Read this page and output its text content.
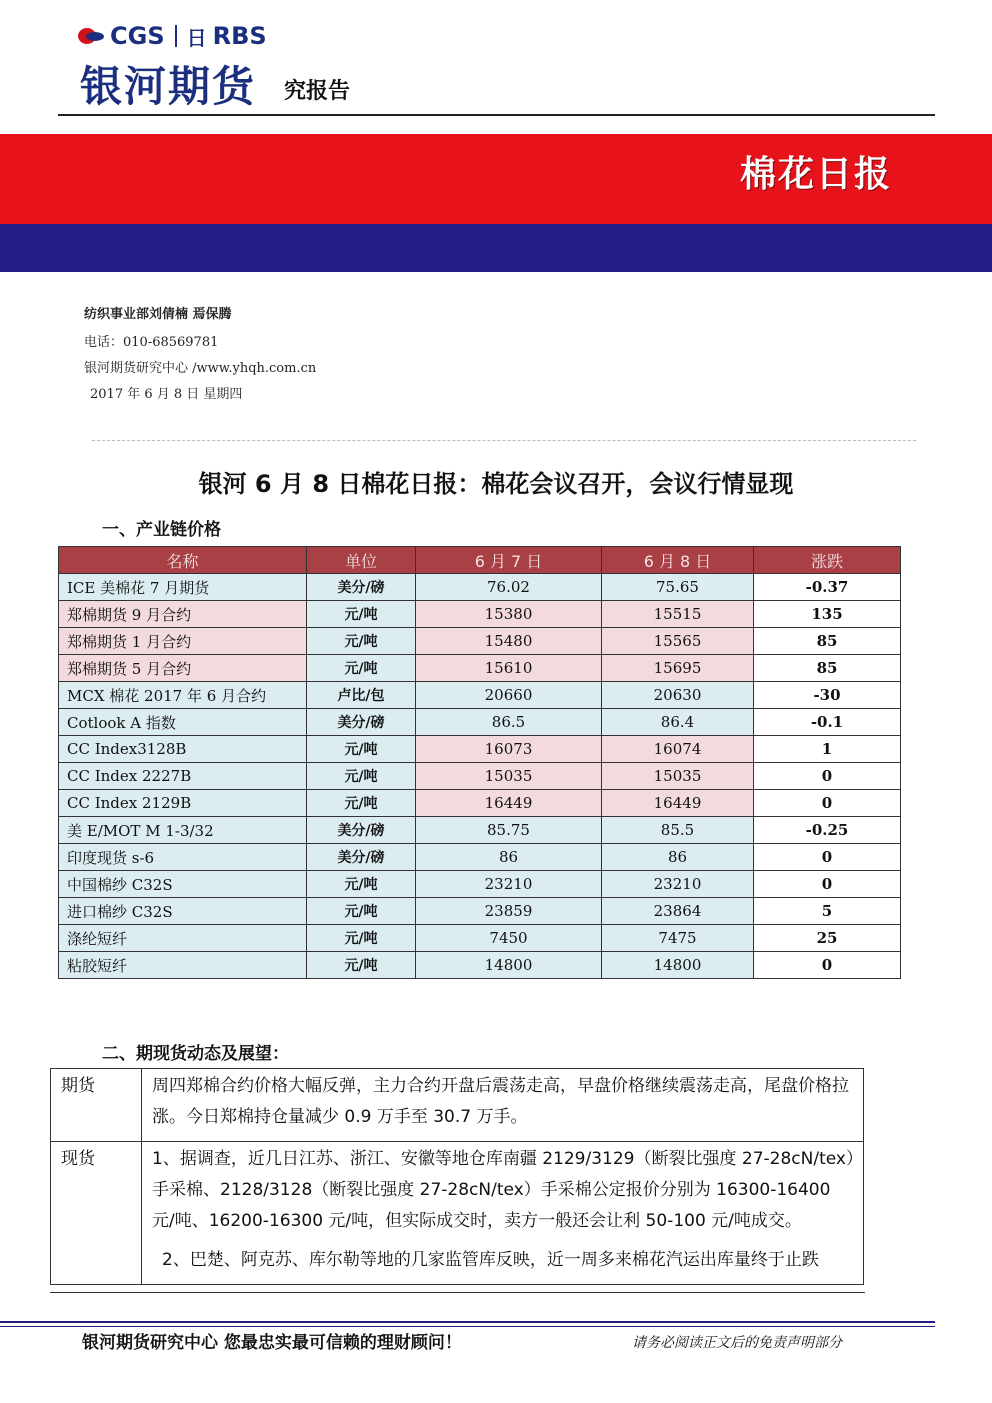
CGS ⽇ RBS
银河期货 究报告
棉花日报
纺织事业部刘倩楠 焉保腾
电话：010-68569781
银河期货研究中心 /www.yhqh.com.cn
2017 年 6 月 8 日 星期四
银河 6 月 8 日棉花日报：棉花会议召开，会议行情显现
一、产业链价格
名称	单位	6 月 7 日	6 月 8 日	涨跌
ICE 美棉花 7 月期货	美分/磅	76.02	75.65	-0.37
郑棉期货 9 月合约	元/吨	15380	15515	135
郑棉期货 1 月合约	元/吨	15480	15565	85
郑棉期货 5 月合约	元/吨	15610	15695	85
MCX 棉花 2017 年 6 月合约	卢比/包	20660	20630	-30
Cotlook A 指数	美分/磅	86.5	86.4	-0.1
CC Index3128B	元/吨	16073	16074	1
CC Index 2227B	元/吨	15035	15035	0
CC Index 2129B	元/吨	16449	16449	0
美 E/MOT M 1-3/32	美分/磅	85.75	85.5	-0.25
印度现货 s-6	美分/磅	86	86	0
中国棉纱 C32S	元/吨	23210	23210	0
进口棉纱 C32S	元/吨	23859	23864	5
涤纶短纤	元/吨	7450	7475	25
粘胶短纤	元/吨	14800	14800	0
二、期现货动态及展望：
期货	周四郑棉合约价格大幅反弹，主力合约开盘后震荡走高，早盘价格继续震荡走高，尾盘价格拉涨。今日郑棉持仓量减少 0.9 万手至 30.7 万手。

现货	1、据调查，近几日江苏、浙江、安徽等地仓库南疆 2129/3129（断裂比强度 27-28cN/tex）手采棉、2128/3128（断裂比强度 27-28cN/tex）手采棉公定报价分别为 16300-16400 元/吨、16200-16300 元/吨，但实际成交时，卖方一般还会让利 50-100 元/吨成交。

2、巴楚、阿克苏、库尔勒等地的几家监管库反映，近一周多来棉花汽运出库量终于止跌

银河期货研究中心 您最忠实最可信赖的理财顾问！	请务必阅读正文后的免责声明部分
